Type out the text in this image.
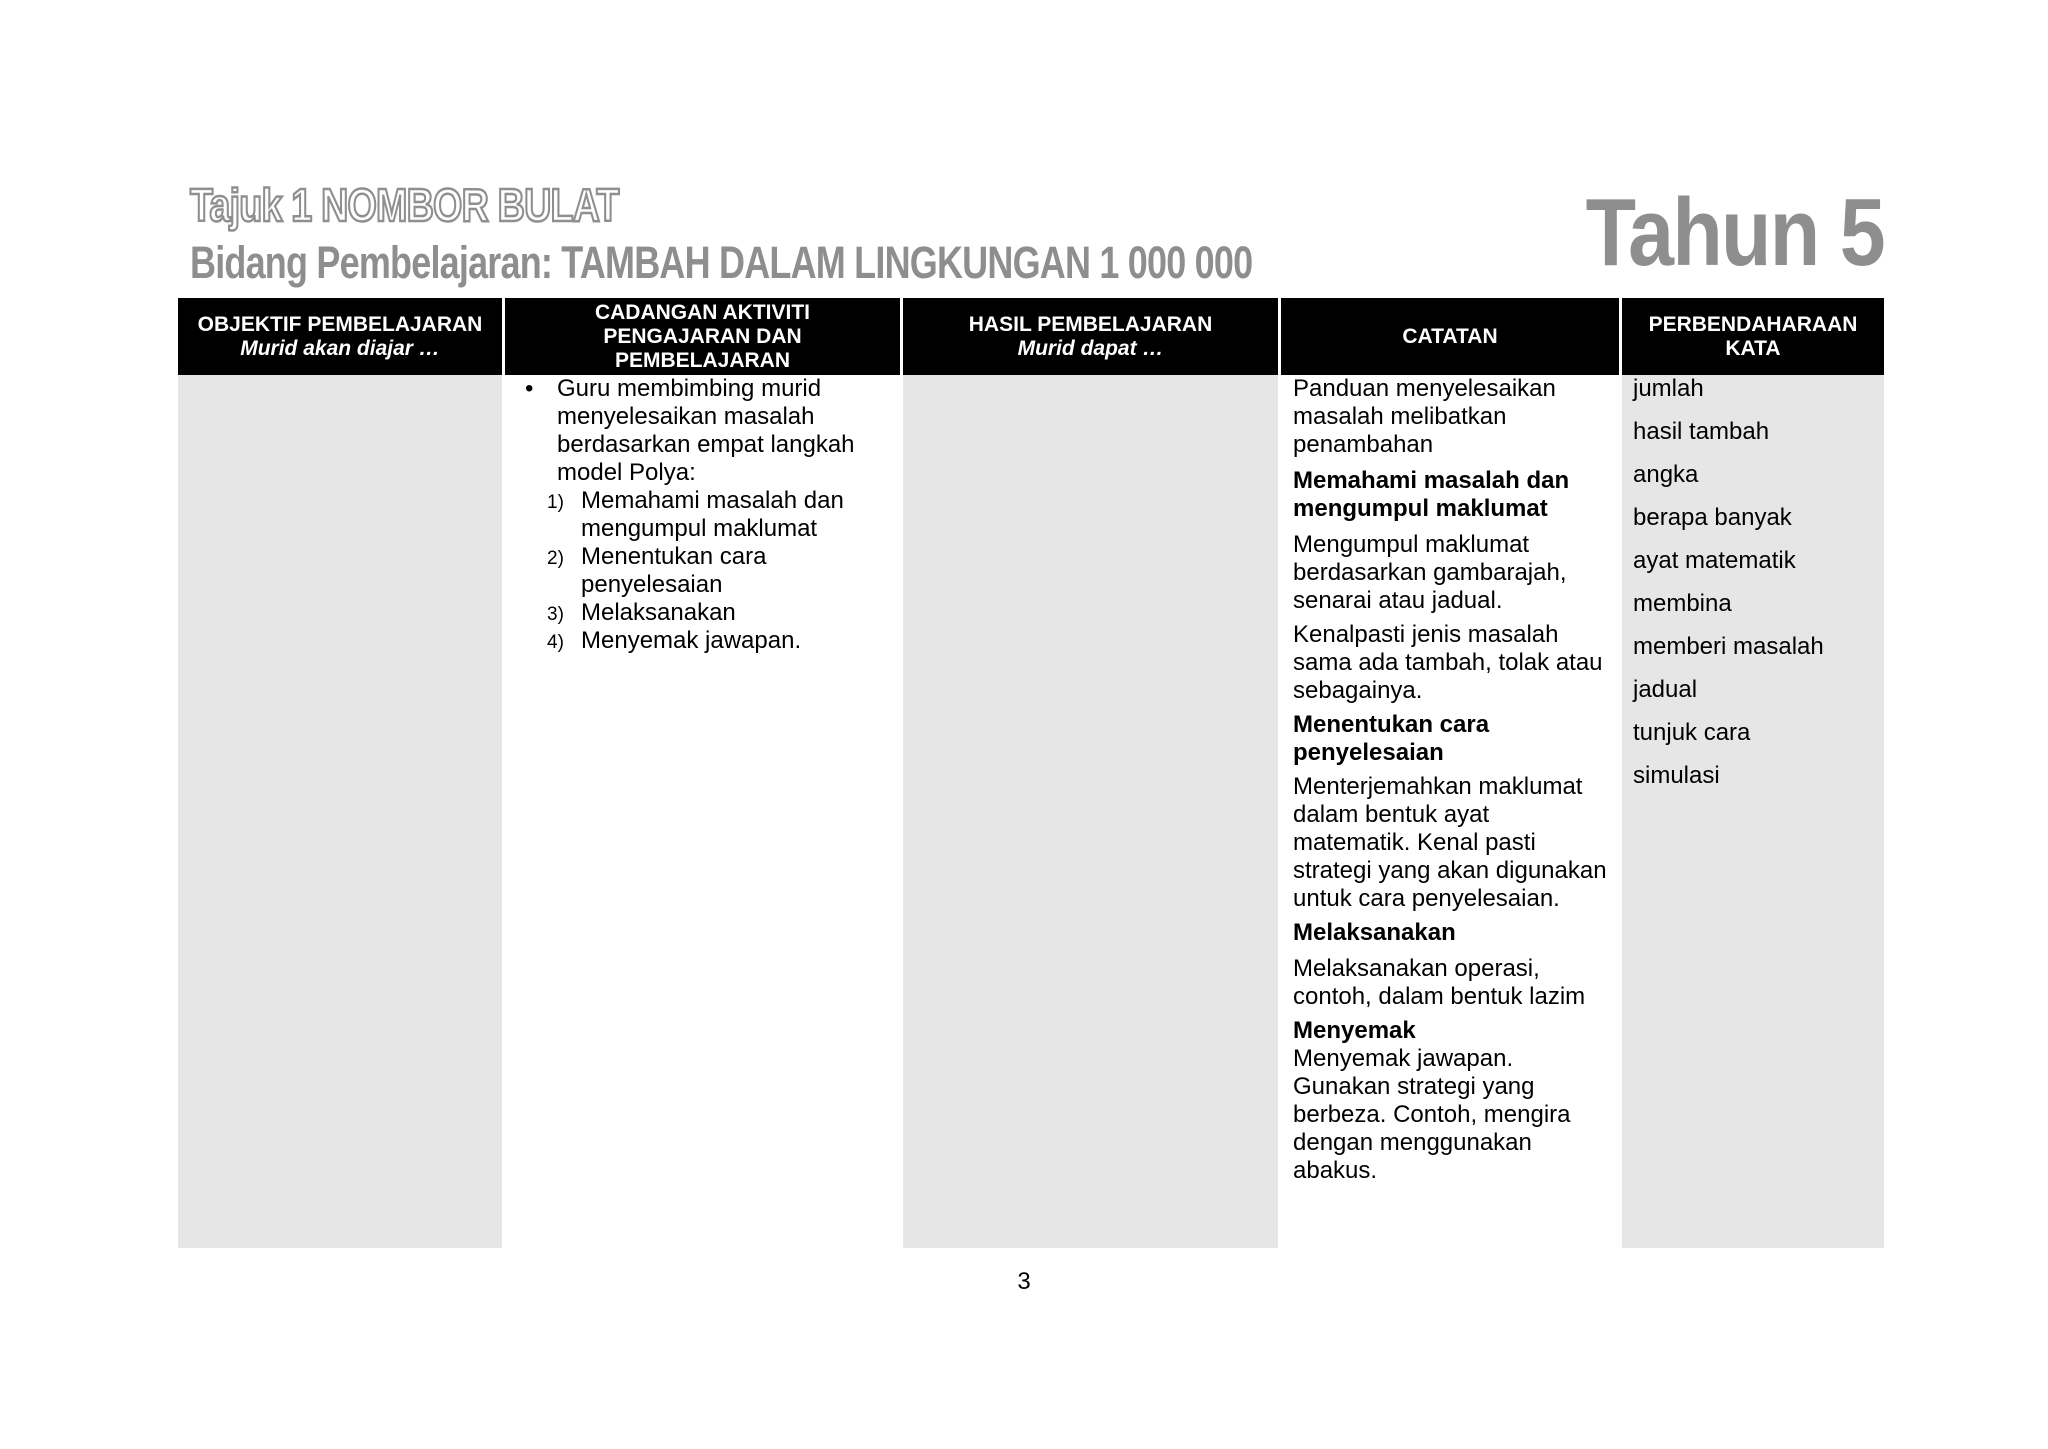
Tajuk 1 NOMBOR BULAT
Bidang Pembelajaran: TAMBAH DALAM LINGKUNGAN 1 000 000	Tahun 5
OBJEKTIF PEMBELAJARAN
Murid akan diajar …
CADANGAN AKTIVITI
PENGAJARAN DAN
PEMBELAJARAN
• Guru membimbing murid menyelesaikan masalah berdasarkan empat langkah model Polya:
1) Memahami masalah dan mengumpul maklumat
2) Menentukan cara penyelesaian
3) Melaksanakan
4) Menyemak jawapan.
HASIL PEMBELAJARAN
Murid dapat …
CATATAN

Panduan menyelesaikan masalah melibatkan penambahan

Memahami masalah dan mengumpul maklumat

Mengumpul maklumat berdasarkan gambarajah, senarai atau jadual.

Kenalpasti jenis masalah sama ada tambah, tolak atau sebagainya.

Menentukan cara penyelesaian

Menterjemahkan maklumat dalam bentuk ayat matematik. Kenal pasti strategi yang akan digunakan untuk cara penyelesaian.

Melaksanakan

Melaksanakan operasi, contoh, dalam bentuk lazim

Menyemak

Menyemak jawapan. Gunakan strategi yang berbeza. Contoh, mengira dengan menggunakan abakus.

PERBENDAHARAAN
KATA
jumlah
hasil tambah
angka
berapa banyak
ayat matematik
membina
memberi masalah
jadual
tunjuk cara
simulasi
3
